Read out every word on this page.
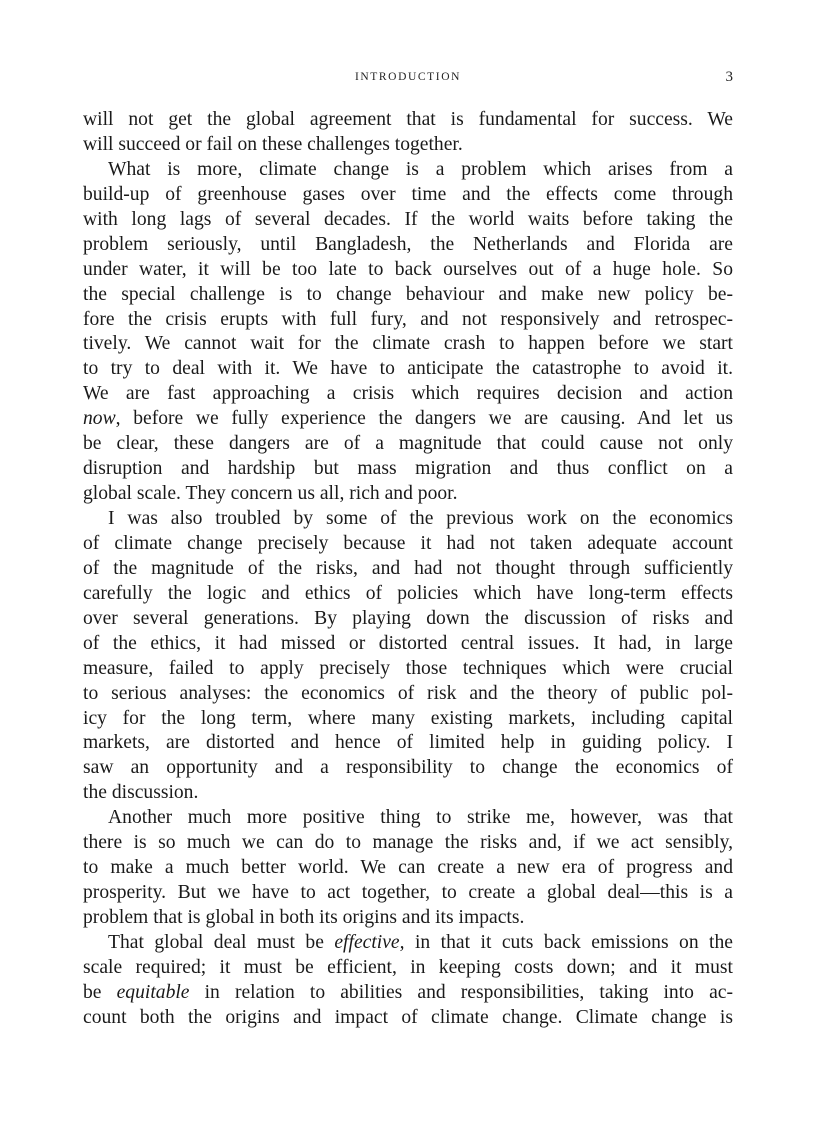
INTRODUCTION	3
will not get the global agreement that is fundamental for success. We
will succeed or fail on these challenges together.
What is more, climate change is a problem which arises from a
build-up of greenhouse gases over time and the effects come through
with long lags of several decades. If the world waits before taking the
problem seriously, until Bangladesh, the Netherlands and Florida are
under water, it will be too late to back ourselves out of a huge hole. So
the special challenge is to change behaviour and make new policy be-
fore the crisis erupts with full fury, and not responsively and retrospec-
tively. We cannot wait for the climate crash to happen before we start
to try to deal with it. We have to anticipate the catastrophe to avoid it.
We are fast approaching a crisis which requires decision and action
now, before we fully experience the dangers we are causing. And let us
be clear, these dangers are of a magnitude that could cause not only
disruption and hardship but mass migration and thus conflict on a
global scale. They concern us all, rich and poor.
I was also troubled by some of the previous work on the economics
of climate change precisely because it had not taken adequate account
of the magnitude of the risks, and had not thought through sufficiently
carefully the logic and ethics of policies which have long-term effects
over several generations. By playing down the discussion of risks and
of the ethics, it had missed or distorted central issues. It had, in large
measure, failed to apply precisely those techniques which were crucial
to serious analyses: the economics of risk and the theory of public pol-
icy for the long term, where many existing markets, including capital
markets, are distorted and hence of limited help in guiding policy. I
saw an opportunity and a responsibility to change the economics of
the discussion.
Another much more positive thing to strike me, however, was that
there is so much we can do to manage the risks and, if we act sensibly,
to make a much better world. We can create a new era of progress and
prosperity. But we have to act together, to create a global deal—this is a
problem that is global in both its origins and its impacts.
That global deal must be effective, in that it cuts back emissions on the
scale required; it must be efficient, in keeping costs down; and it must
be equitable in relation to abilities and responsibilities, taking into ac-
count both the origins and impact of climate change. Climate change is
